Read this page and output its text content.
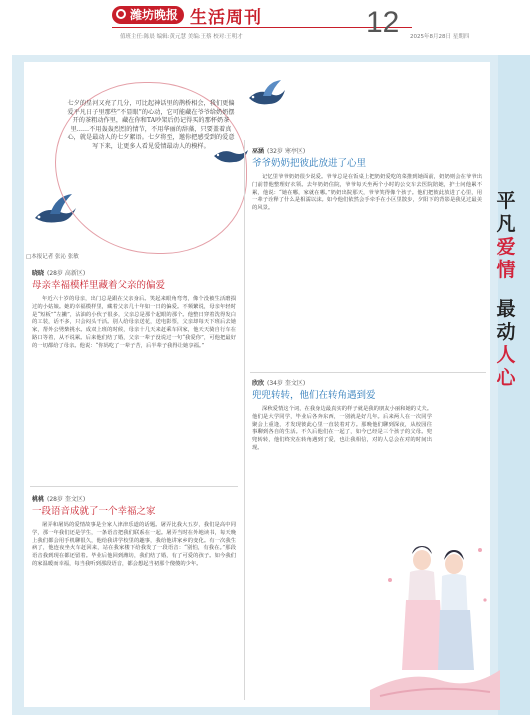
潍坊晚报 生活周刊	12
值班主任:陈晨 编辑:黄元慧 美编:王蔡 校对:王明才	2025年8月28日 星期四
平
凡
爱
情
最
动
人
心
七夕的星河又亮了几分，可比起神话里的鹊桥相会，我们更偏爱平凡日子里那些“不显眼”的心动，它可能藏在爷爷给奶奶摆开的茶粗动作里，藏在你和TA吵架后仍记得买的那杯奶茶里……不用轰轰烈烈的情节，不用华丽的辞藻，只要盖着真心，就是最动人的七夕絮语。七夕将至，邀你把感受到的爱意写下来，让更多人看见爱情最动人的模样。
□本报记者 张沁 张敏
晓晓 (28岁 高新区)
母亲幸福模样里藏着父亲的偏爱

年近六十岁的母亲，出门总是跟在父亲身后。笑起来眼角弯弯，像个没被生活磨损过的小姑娘。她的幸福模样里，藏着父亲几十年如一日的偏爱。不频繁说，母亲年轻时是“短板”“左撇”，沾油的小伙子很多，父亲总是那个起眼的那个。他整日穿着洗得发白的工装，话不多，只会闷头干活。别人给母亲送花，送电影票，父亲却每天下班后去她家，帮外公劈柴挑水。成双上班的时候，母亲十几天来赶乘车回家，他天天骑自行车在路口等着，从不说累。后来他们结了婚，父亲一辈子没说过一句“我爱你”，可他把最好的一切都给了母亲。他说：“你妈吃了一辈子苦，后半辈子我得让她享福。”

桃桃 (28岁 奎文区)
一段语音成就了一个幸福之家

屠弄和屠妈的爱情故事是全家人津津乐道的话题。屠弄比我大五岁，我们是高中同学，那一年我们还是学生，一条语音把我们联系在一起。屠弄当时在外地读书，每天晚上我们都会用手机聊很久，他给我讲学校里的趣事，我给他讲家乡的变化。有一次我生病了，他连夜坐火车赶回来，站在我家楼下给我发了一段语音：“别怕，有我在。”那段语音我到现在都还留着。毕业后他回到潍坊，我们结了婚，有了可爱的孩子。如今我们的家温暖而幸福，每当我听到那段语音，都会想起当初那个傻傻的少年。

巫涵 (32岁 寒亭区)
爷爷奶奶把彼此放进了心里

记忆里爷爷奶奶很少说爱。爷爷总是在饭桌上把奶奶爱吃的菜推到她面前，奶奶则会在爷爷出门前替他整理好衣领。去年奶奶住院，爷爷每天坐两个小时的公交车去医院陪她，护士问他累不累，他说：“她在哪，家就在哪。”奶奶出院那天，爷爷笑得像个孩子。他们把彼此放进了心里，用一辈子诠释了什么是相濡以沫。如今他们依然会手牵手在小区里散步，夕阳下的背影是我见过最美的风景。

欣欣 (34岁 奎文区)
兜兜转转，他们在转角遇到爱

深秋爱情这个词，在我身边最真实的样子就是我的朋友小丽和她的丈夫。他们是大学同学，毕业后各奔东西，一别就是好几年。后来两人在一次同学聚会上重逢，才发现彼此心里一直装着对方。那晚他们聊到深夜，从校园往事聊到各自的生活。不久后他们在一起了，如今已经是三个孩子的父母。兜兜转转，他们终究在转角遇到了爱，也让我相信，对的人总会在对的时间出现。
